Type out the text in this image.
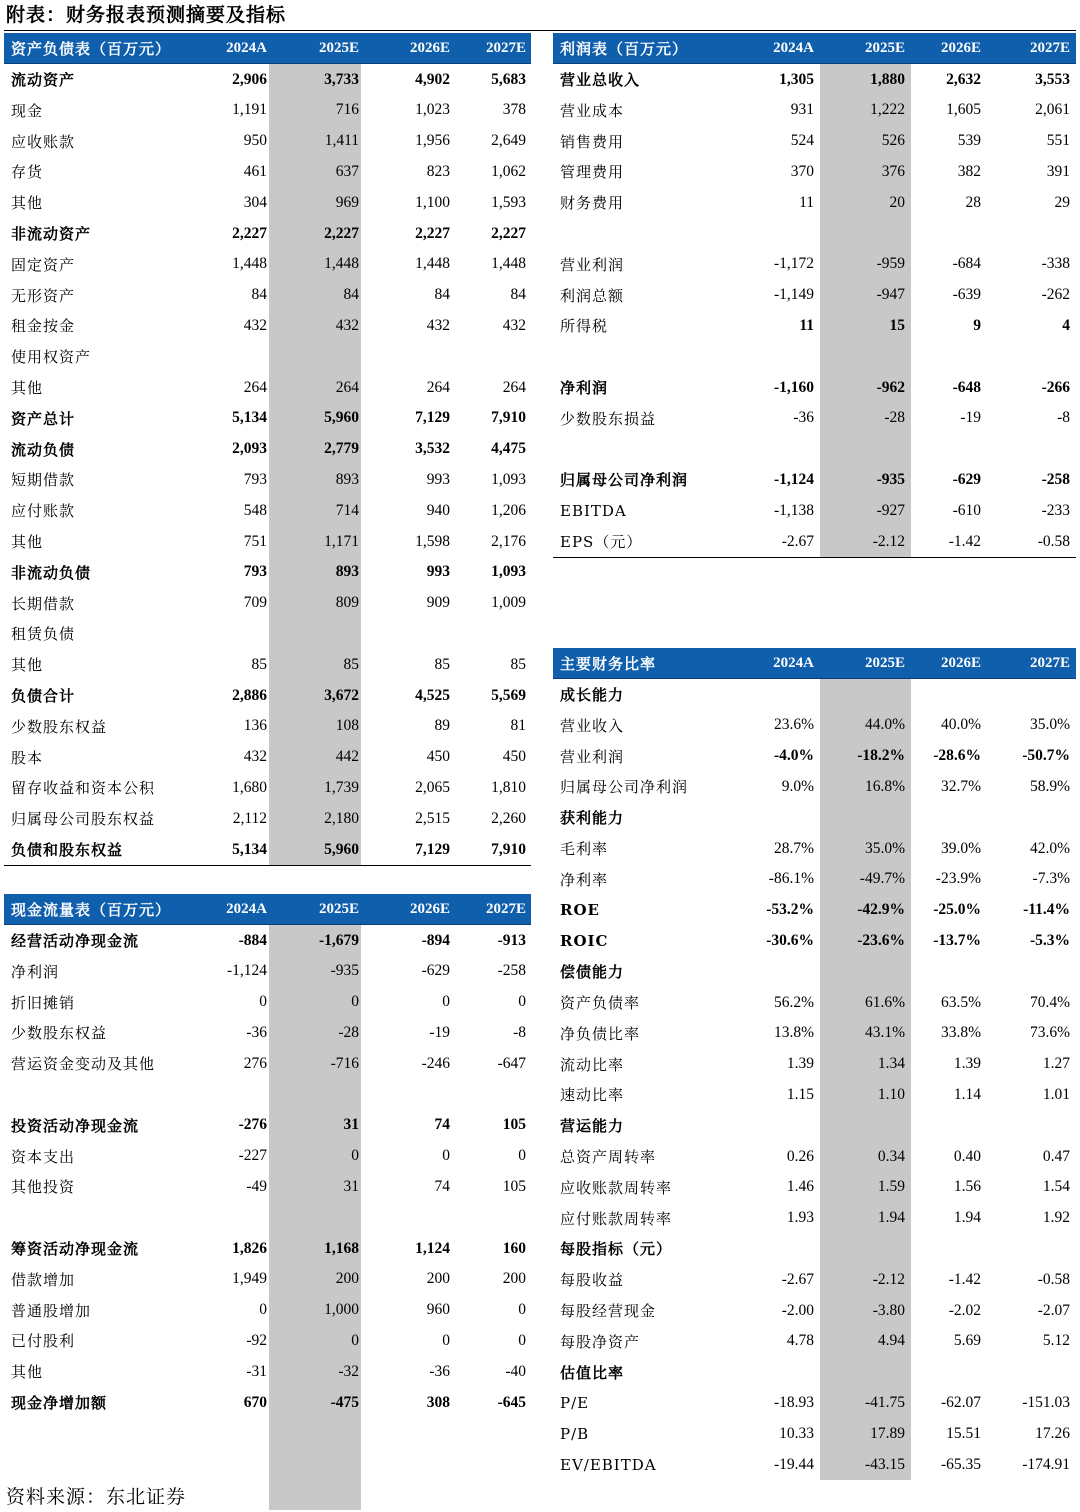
附表：财务报表预测摘要及指标
资产负债表（百万元）	2024A	2025E	2026E 2027E
流动资产	2,906	3,733	4,902	5,683
现金	1,191	716	1,023	378
应收账款	950	1,411	1,956	2,649
存货	461	637	823	1,062
其他	304	969	1,100	1,593
非流动资产	2,227	2,227	2,227	2,227
固定资产	1,448	1,448	1,448	1,448
无形资产	84	84	84	84
租金按金	432	432	432	432
使用权资产
其他	264	264	264	264
资产总计	5,134	5,960	7,129	7,910
流动负债	2,093	2,779	3,532	4,475
短期借款	793	893	993	1,093
应付账款	548	714	940	1,206
其他	751	1,171	1,598	2,176
非流动负债	793	893	993	1,093
长期借款	709	809	909	1,009
租赁负债
其他	85	85	85	85
负债合计	2,886	3,672	4,525	5,569
少数股东权益	136	108	89	81
股本	432	442	450	450
留存收益和资本公积	1,680	1,739	2,065	1,810
归属母公司股东权益	2,112	2,180	2,515	2,260
负债和股东权益	5,134	5,960	7,129	7,910
利润表（百万元）	2024A	2025E 2026E	2027E
营业总收入	1,305	1,880	2,632	3,553
营业成本	931	1,222	1,605	2,061
销售费用	524	526	539	551
管理费用	370	376	382	391
财务费用	11	20	28	29
营业利润	-1,172	-959	-684	-338
利润总额	-1,149	-947	-639	-262
所得税	11	15	9	4
净利润	-1,160	-962	-648	-266
少数股东损益	-36	-28	-19	-8
归属母公司净利润	-1,124	-935	-629	-258
EBITDA	-1,138	-927	-610	-233
EPS（元）	-2.67	-2.12	-1.42	-0.58
现金流量表（百万元）	2024A	2025E	2026E 2027E
经营活动净现金流	-884	-1,679	-894	-913
净利润	-1,124	-935	-629	-258
折旧摊销	0	0	0	0
少数股东权益	-36	-28	-19	-8
营运资金变动及其他	276	-716	-246	-647
投资活动净现金流	-276	31	74	105
资本支出	-227	0	0	0
其他投资	-49	31	74	105
筹资活动净现金流	1,826	1,168	1,124	160
借款增加	1,949	200	200	200
普通股增加	0	1,000	960	0
已付股利	-92	0	0	0
其他	-31	-32	-36	-40
现金净增加额	670	-475	308	-645
主要财务比率	2024A	2025E 2026E	2027E
成长能力
营业收入	23.6%	44.0% 40.0%	35.0%
营业利润	-4.0%	-18.2% -28.6%	-50.7%
归属母公司净利润	9.0%	16.8% 32.7%	58.9%
获利能力
毛利率	28.7%	35.0% 39.0%	42.0%
净利率	-86.1%	-49.7% -23.9%	-7.3%
ROE	-53.2%	-42.9% -25.0%	-11.4%
ROIC	-30.6%	-23.6% -13.7%	-5.3%
偿债能力
资产负债率	56.2%	61.6% 63.5%	70.4%
净负债比率	13.8%	43.1% 33.8%	73.6%
流动比率	1.39	1.34	1.39	1.27
速动比率	1.15	1.10	1.14	1.01
营运能力
总资产周转率	0.26	0.34	0.40	0.47
应收账款周转率	1.46	1.59	1.56	1.54
应付账款周转率	1.93	1.94	1.94	1.92
每股指标（元）
每股收益	-2.67	-2.12	-1.42	-0.58
每股经营现金	-2.00	-3.80	-2.02	-2.07
每股净资产	4.78	4.94	5.69	5.12
估值比率
P/E	-18.93	-41.75 -62.07	-151.03
P/B	10.33	17.89	15.51	17.26
EV/EBITDA	-19.44	-43.15 -65.35	-174.91
资料来源：东北证券
